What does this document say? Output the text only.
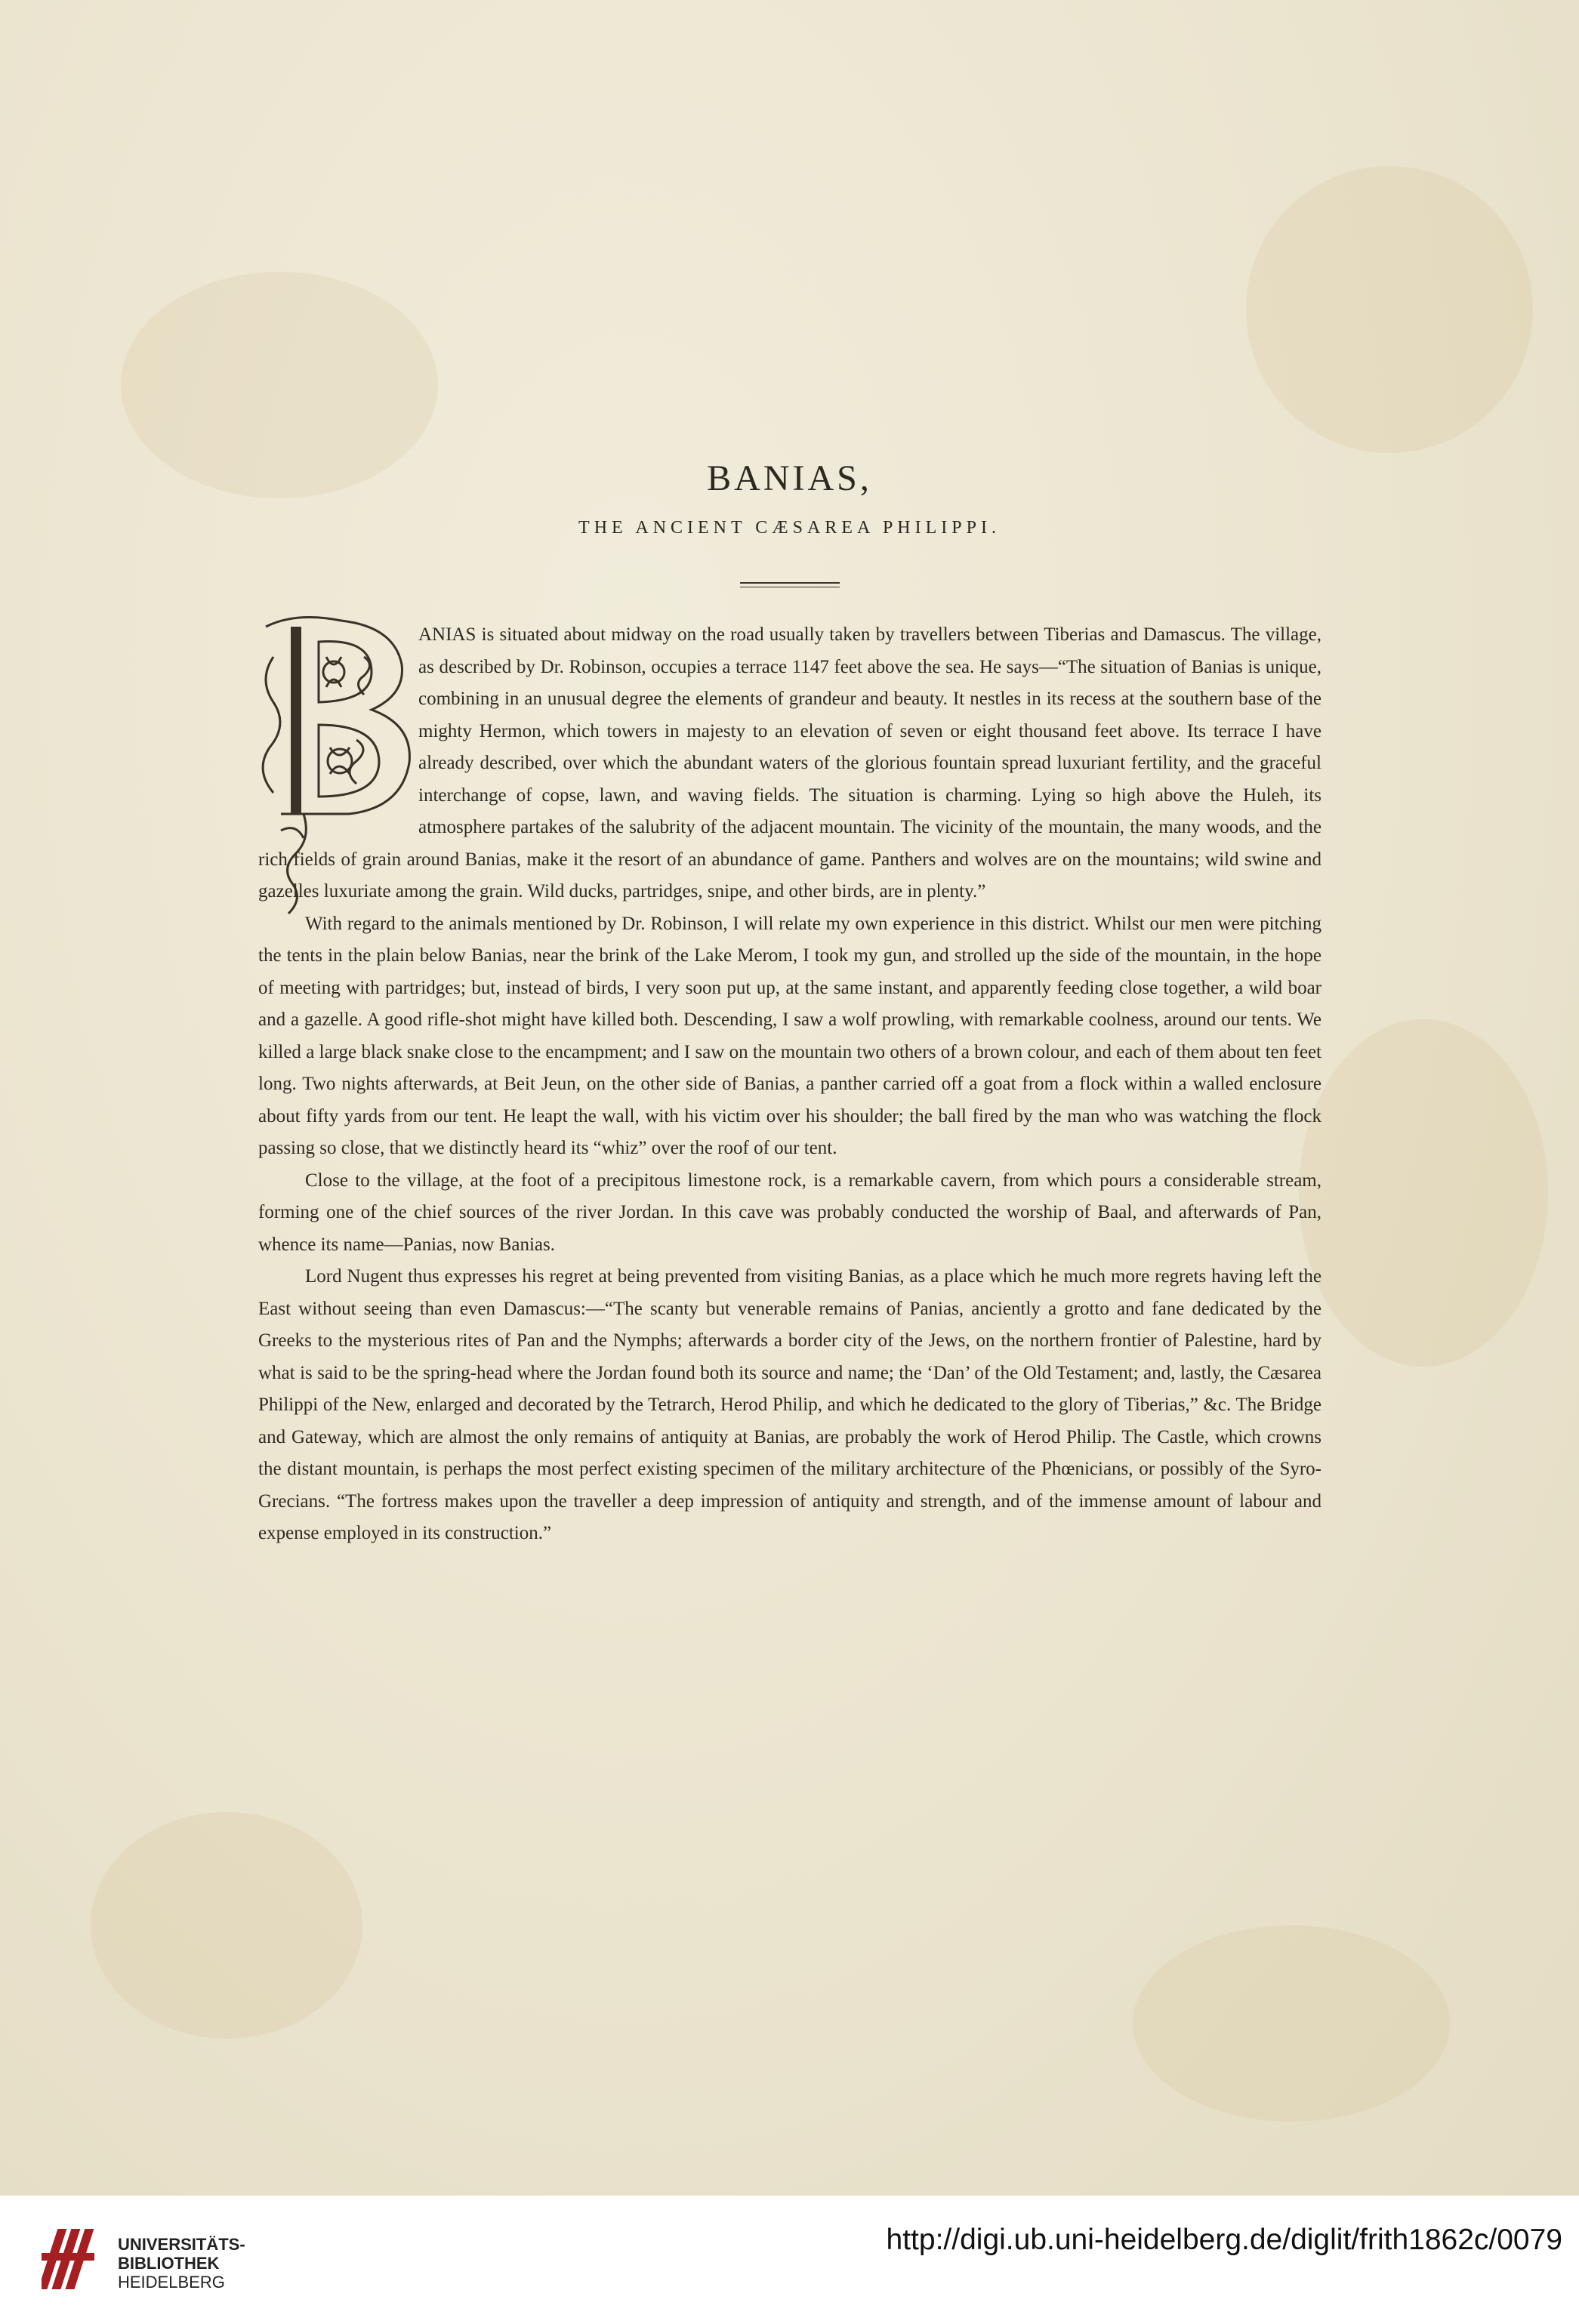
BANIAS,
THE ANCIENT CÆSAREA PHILIPPI.

ANIAS is situated about midway on the road usually taken by travellers between Tiberias and Damascus. The village, as described by Dr. Robinson, occupies a terrace 1147 feet above the sea. He says—“The situation of Banias is unique, combining in an unusual degree the elements of grandeur and beauty. It nestles in its recess at the southern base of the mighty Hermon, which towers in majesty to an elevation of seven or eight thousand feet above. Its terrace I have already described, over which the abundant waters of the glorious fountain spread luxuriant fertility, and the graceful interchange of copse, lawn, and waving fields. The situation is charming. Lying so high above the Huleh, its atmosphere partakes of the salubrity of the adjacent mountain. The vicinity of the mountain, the many woods, and the rich fields of grain around Banias, make it the resort of an abundance of game. Panthers and wolves are on the mountains; wild swine and gazelles luxuriate among the grain. Wild ducks, partridges, snipe, and other birds, are in plenty.”

With regard to the animals mentioned by Dr. Robinson, I will relate my own experience in this district. Whilst our men were pitching the tents in the plain below Banias, near the brink of the Lake Merom, I took my gun, and strolled up the side of the mountain, in the hope of meeting with partridges; but, instead of birds, I very soon put up, at the same instant, and apparently feeding close together, a wild boar and a gazelle. A good rifle-shot might have killed both. Descending, I saw a wolf prowling, with remarkable coolness, around our tents. We killed a large black snake close to the encampment; and I saw on the mountain two others of a brown colour, and each of them about ten feet long. Two nights afterwards, at Beit Jeun, on the other side of Banias, a panther carried off a goat from a flock within a walled enclosure about fifty yards from our tent. He leapt the wall, with his victim over his shoulder; the ball fired by the man who was watching the flock passing so close, that we distinctly heard its “whiz” over the roof of our tent.

Close to the village, at the foot of a precipitous limestone rock, is a remarkable cavern, from which pours a considerable stream, forming one of the chief sources of the river Jordan. In this cave was probably conducted the worship of Baal, and afterwards of Pan, whence its name—Panias, now Banias.

Lord Nugent thus expresses his regret at being prevented from visiting Banias, as a place which he much more regrets having left the East without seeing than even Damascus:—“The scanty but venerable remains of Panias, anciently a grotto and fane dedicated by the Greeks to the mysterious rites of Pan and the Nymphs; afterwards a border city of the Jews, on the northern frontier of Palestine, hard by what is said to be the spring-head where the Jordan found both its source and name; the ‘Dan’ of the Old Testament; and, lastly, the Cæsarea Philippi of the New, enlarged and decorated by the Tetrarch, Herod Philip, and which he dedicated to the glory of Tiberias,” &c. The Bridge and Gateway, which are almost the only remains of antiquity at Banias, are probably the work of Herod Philip. The Castle, which crowns the distant mountain, is perhaps the most perfect existing specimen of the military architecture of the Phœnicians, or possibly of the Syro-Grecians. “The fortress makes upon the traveller a deep impression of antiquity and strength, and of the immense amount of labour and expense employed in its construction.”

UNIVERSITÄTS-
BIBLIOTHEK
HEIDELBERG
http://digi.ub.uni-heidelberg.de/diglit/frith1862c/0079
